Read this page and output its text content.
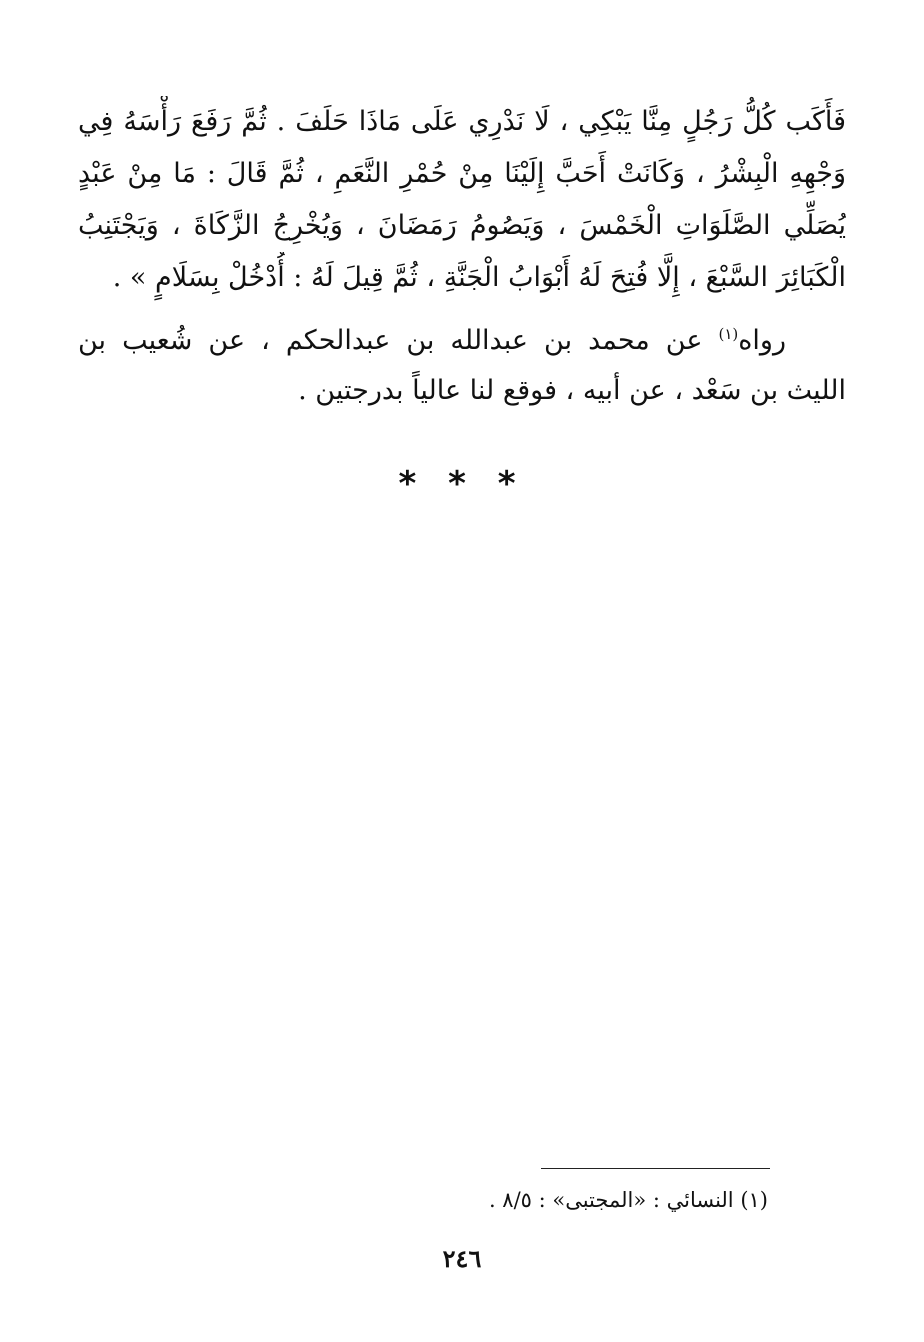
فَأَكَب كُلُّ رَجُلٍ مِنَّا يَبْكِي ، لَا نَدْرِي عَلَى مَاذَا حَلَفَ . ثُمَّ رَفَعَ رَأْسَهُ فِي
وَجْهِهِ الْبِشْرُ ، وَكَانَتْ أَحَبَّ إِلَيْنَا مِنْ حُمْرِ النَّعَمِ ، ثُمَّ قَالَ : مَا مِنْ عَبْدٍ
يُصَلِّي الصَّلَوَاتِ الْخَمْسَ ، وَيَصُومُ رَمَضَانَ ، وَيُخْرِجُ الزَّكَاةَ ، وَيَجْتَنِبُ
الْكَبَائِرَ السَّبْعَ ، إِلَّا فُتِحَ لَهُ أَبْوَابُ الْجَنَّةِ ، ثُمَّ قِيلَ لَهُ : أُدْخُلْ بِسَلَامٍ » .
رواه$^{(١)}$ عن محمد بن عبدالله بن عبدالحكم ، عن شُعيب بن
الليث بن سَعْد ، عن أبيه ، فوقع لنا عالياً بدرجتين .
* * *
(١) النسائي : «المجتبى» : ٨/٥ .
٢٤٦
